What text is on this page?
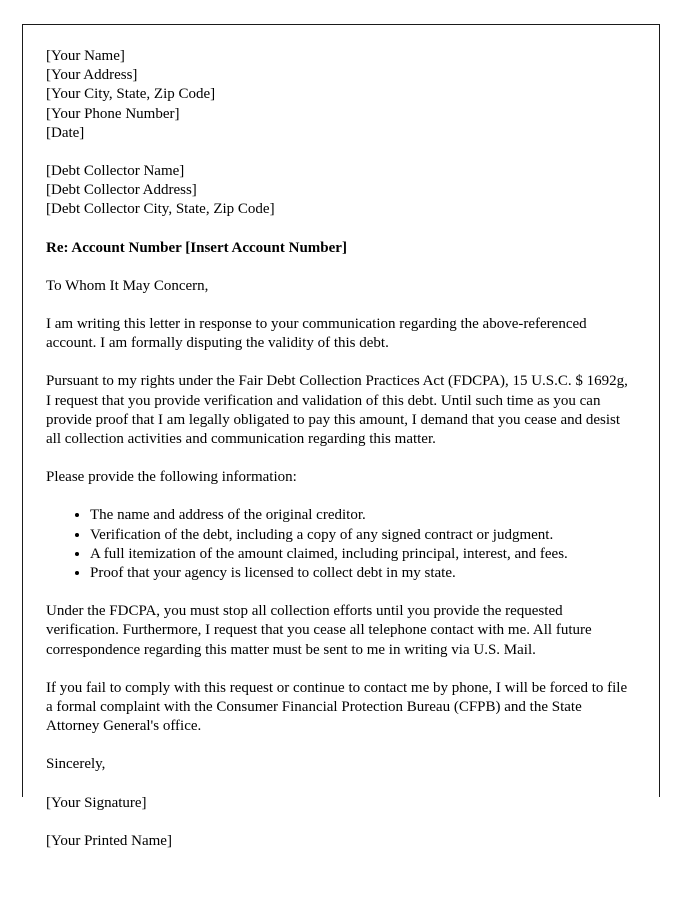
[Your Name]
[Your Address]
[Your City, State, Zip Code]
[Your Phone Number]
[Date]
[Debt Collector Name]
[Debt Collector Address]
[Debt Collector City, State, Zip Code]
Re: Account Number [Insert Account Number]
To Whom It May Concern,

I am writing this letter in response to your communication regarding the above-referenced account. I am formally disputing the validity of this debt.

Pursuant to my rights under the Fair Debt Collection Practices Act (FDCPA), 15 U.S.C. $ 1692g, I request that you provide verification and validation of this debt. Until such time as you can provide proof that I am legally obligated to pay this amount, I demand that you cease and desist all collection activities and communication regarding this matter.

Please provide the following information:

• The name and address of the original creditor.
• Verification of the debt, including a copy of any signed contract or judgment.
• A full itemization of the amount claimed, including principal, interest, and fees.
• Proof that your agency is licensed to collect debt in my state.

Under the FDCPA, you must stop all collection efforts until you provide the requested verification. Furthermore, I request that you cease all telephone contact with me. All future correspondence regarding this matter must be sent to me in writing via U.S. Mail.

If you fail to comply with this request or continue to contact me by phone, I will be forced to file a formal complaint with the Consumer Financial Protection Bureau (CFPB) and the State Attorney General's office.

Sincerely,
[Your Signature]
[Your Printed Name]
